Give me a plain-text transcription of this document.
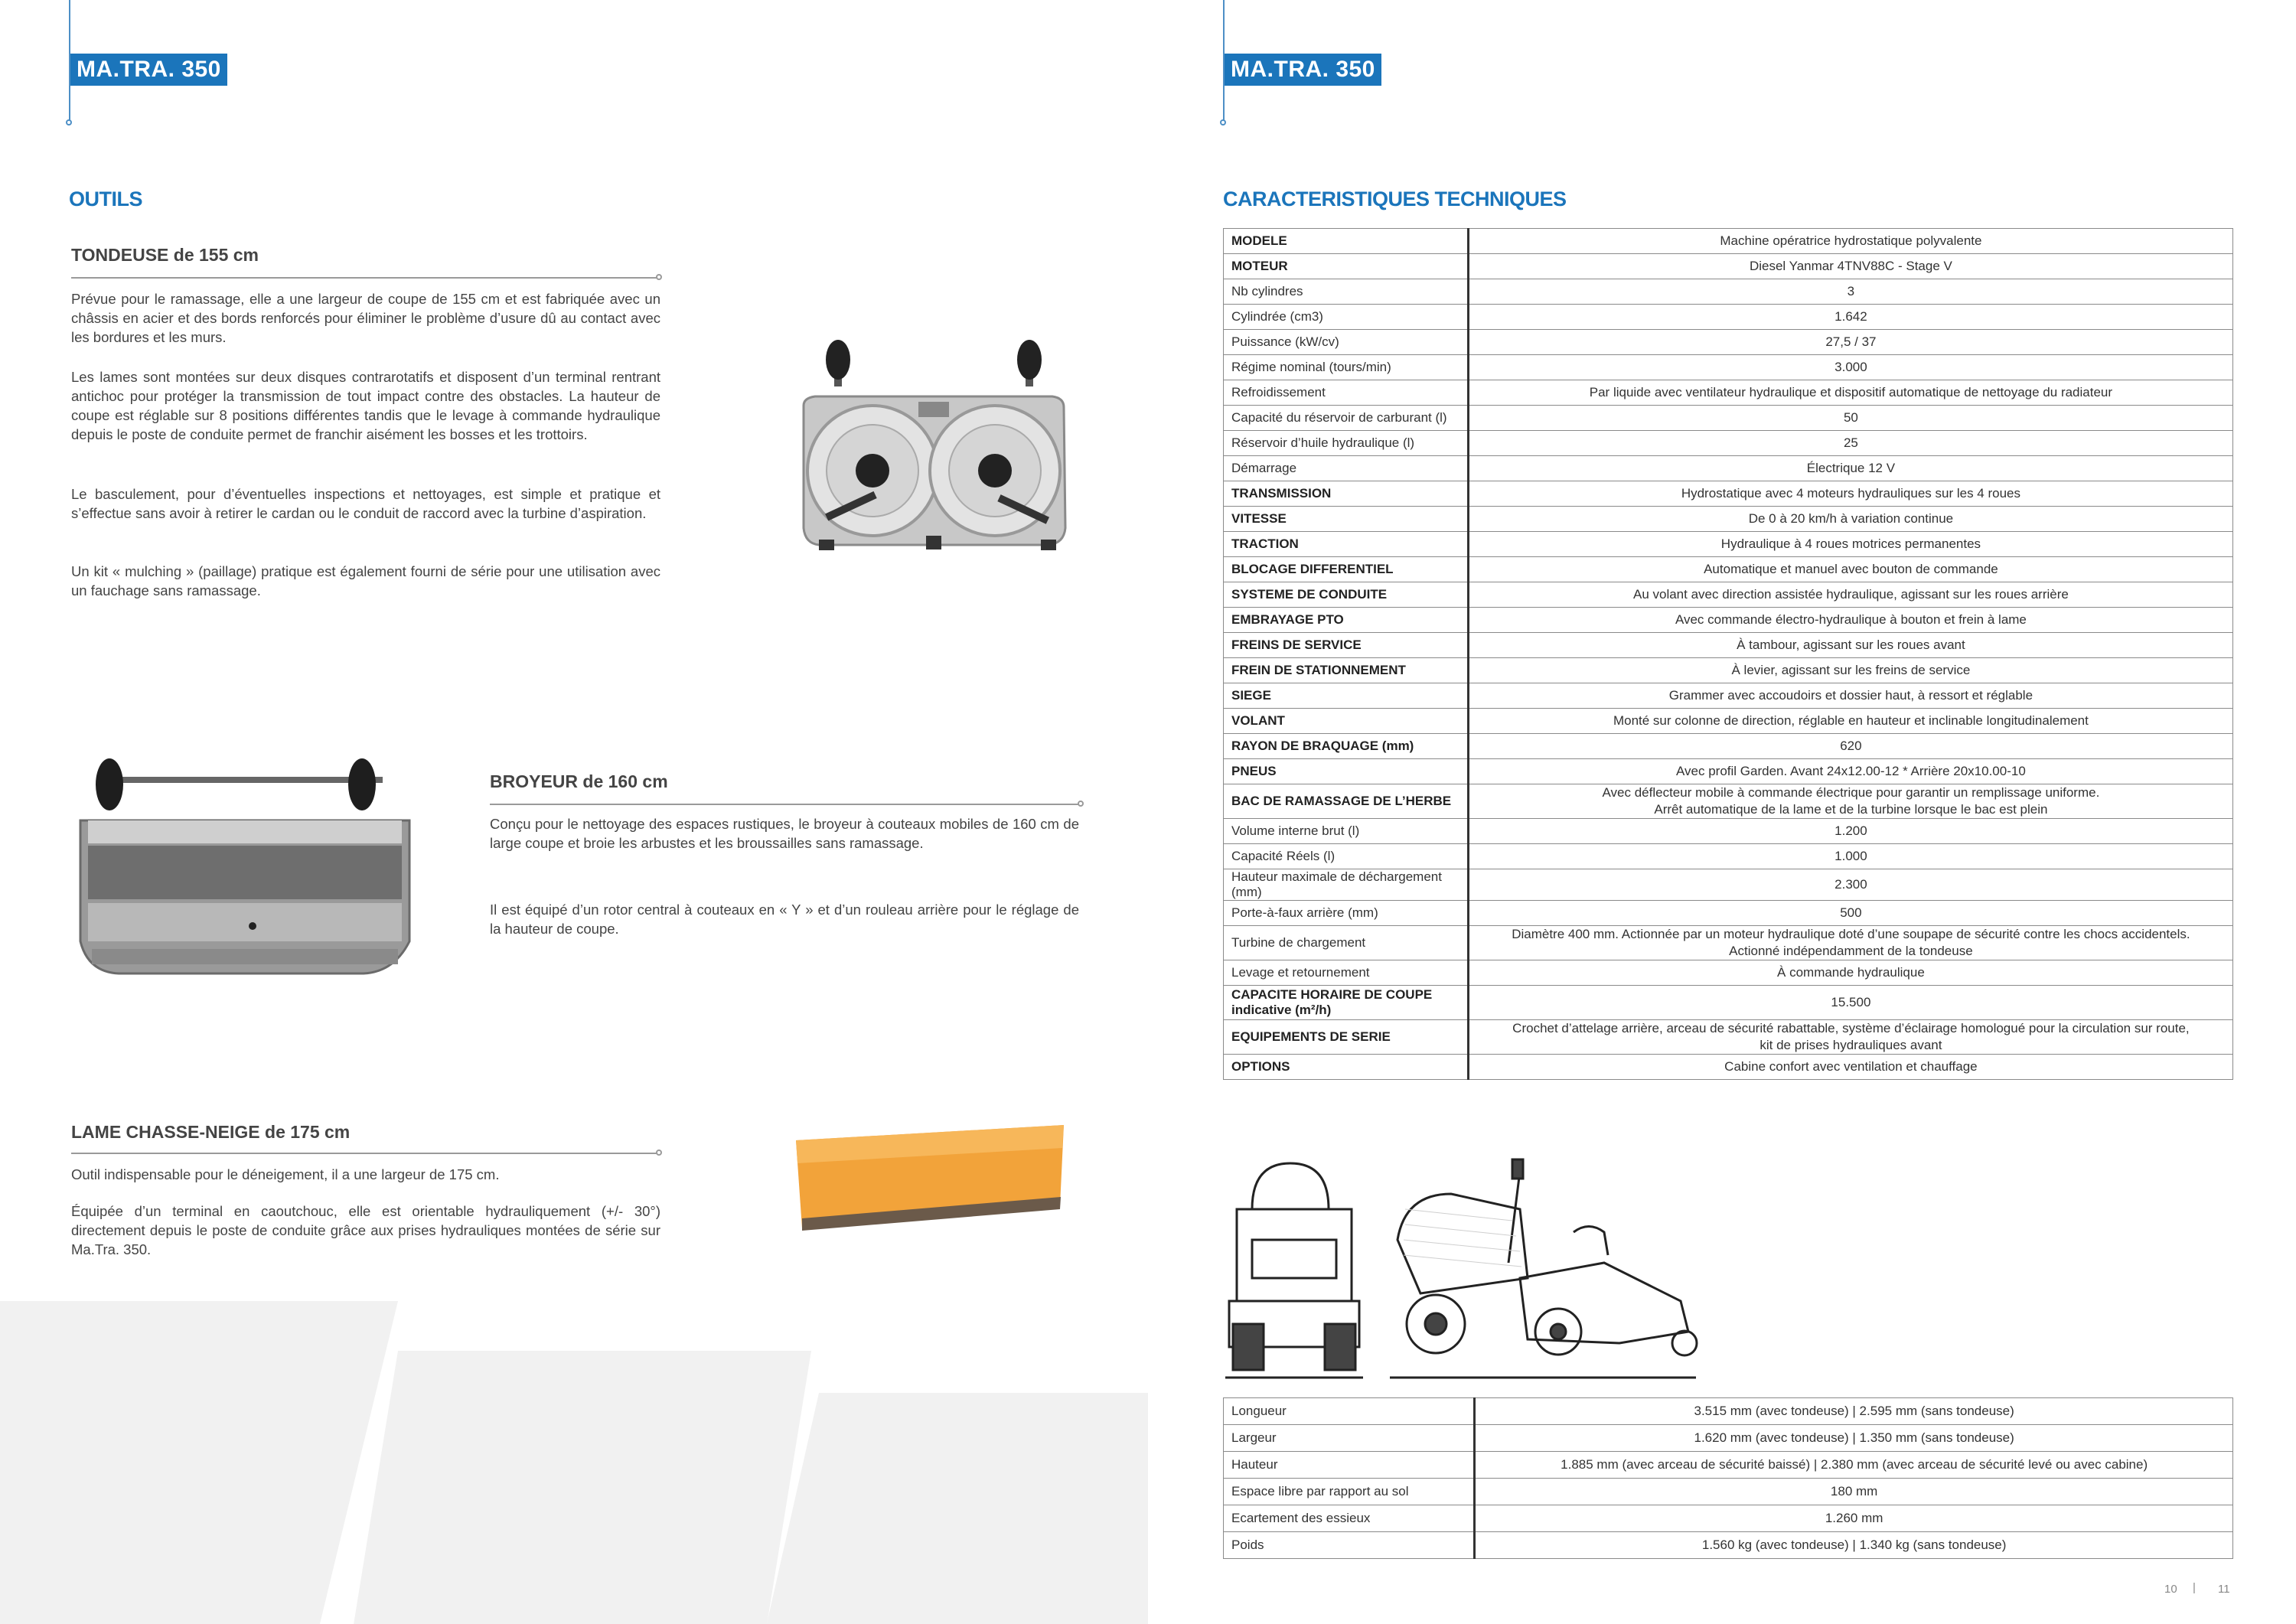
MA.TRA. 350
OUTILS
TONDEUSE de 155 cm

Prévue pour le ramassage, elle a une largeur de coupe de 155 cm et est fabriquée avec un châssis en acier et des bords renforcés pour éliminer le problème d’usure dû au contact avec les bordures et les murs.

Les lames sont montées sur deux disques contrarotatifs et disposent d’un terminal rentrant antichoc pour protéger la transmission de tout impact contre des obstacles. La hauteur de coupe est réglable sur 8 positions différentes tandis que le levage à commande hydraulique depuis le poste de conduite permet de franchir aisément les bosses et les trottoirs.

Le basculement, pour d’éventuelles inspections et nettoyages, est simple et pratique et s’effectue sans avoir à retirer le cardan ou le conduit de raccord avec la turbine d’aspiration.

Un kit « mulching » (paillage) pratique est également fourni de série pour une utilisation avec un fauchage sans ramassage.

BROYEUR de 160 cm

Conçu pour le nettoyage des espaces rustiques, le broyeur à couteaux mobiles de 160 cm de large coupe et broie les arbustes et les broussailles sans ramassage.

Il est équipé d’un rotor central à couteaux en « Y » et d’un rouleau arrière pour le réglage de la hauteur de coupe.

LAME CHASSE-NEIGE de 175 cm

Outil indispensable pour le déneigement, il a une largeur de 175 cm.

Équipée d’un terminal en caoutchouc, elle est orientable hydrauliquement (+/- 30°) directement depuis le poste de conduite grâce aux prises hydrauliques montées de série sur Ma.Tra. 350.

MA.TRA. 350
CARACTERISTIQUES TECHNIQUES
MODELE	Machine opératrice hydrostatique polyvalente
MOTEUR	Diesel Yanmar 4TNV88C - Stage V
Nb cylindres	3
Cylindrée (cm3)	1.642
Puissance (kW/cv)	27,5 / 37
Régime nominal (tours/min)	3.000
Refroidissement	Par liquide avec ventilateur hydraulique et dispositif automatique de nettoyage du radiateur
Capacité du réservoir de carburant (l)	50
Réservoir d’huile hydraulique (l)	25
Démarrage	Électrique 12 V
TRANSMISSION	Hydrostatique avec 4 moteurs hydrauliques sur les 4 roues
VITESSE	De 0 à 20 km/h à variation continue
TRACTION	Hydraulique à 4 roues motrices permanentes
BLOCAGE DIFFERENTIEL	Automatique et manuel avec bouton de commande
SYSTEME DE CONDUITE	Au volant avec direction assistée hydraulique, agissant sur les roues arrière
EMBRAYAGE PTO	Avec commande électro-hydraulique à bouton et frein à lame
FREINS DE SERVICE	À tambour, agissant sur les roues avant
FREIN DE STATIONNEMENT	À levier, agissant sur les freins de service
SIEGE	Grammer avec accoudoirs et dossier haut, à ressort et réglable
VOLANT	Monté sur colonne de direction, réglable en hauteur et inclinable longitudinalement
RAYON DE BRAQUAGE (mm)	620
PNEUS	Avec profil Garden. Avant 24x12.00-12 * Arrière 20x10.00-10
BAC DE RAMASSAGE DE L’HERBE	Avec déflecteur mobile à commande électrique pour garantir un remplissage uniforme.
Arrêt automatique de la lame et de la turbine lorsque le bac est plein
Volume interne brut (l)	1.200
Capacité Réels (l)	1.000
Hauteur maximale de déchargement (mm)	2.300
Porte-à-faux arrière (mm)	500
Turbine de chargement	Diamètre 400 mm. Actionnée par un moteur hydraulique doté d’une soupape de sécurité contre les chocs accidentels.
Actionné indépendamment de la tondeuse
Levage et retournement	À commande hydraulique
CAPACITE HORAIRE DE COUPE
indicative (m²/h)	15.500
EQUIPEMENTS DE SERIE	Crochet d’attelage arrière, arceau de sécurité rabattable, système d’éclairage homologué pour la circulation sur route,
kit de prises hydrauliques avant
OPTIONS	Cabine confort avec ventilation et chauffage
Longueur	3.515 mm (avec tondeuse) | 2.595 mm (sans tondeuse)
Largeur	1.620 mm (avec tondeuse) | 1.350 mm (sans tondeuse)
Hauteur	1.885 mm (avec arceau de sécurité baissé) | 2.380 mm (avec arceau de sécurité levé ou avec cabine)
Espace libre par rapport au sol	180 mm
Ecartement des essieux	1.260 mm
Poids	1.560 kg (avec tondeuse) | 1.340 kg (sans tondeuse)
10 | 11
